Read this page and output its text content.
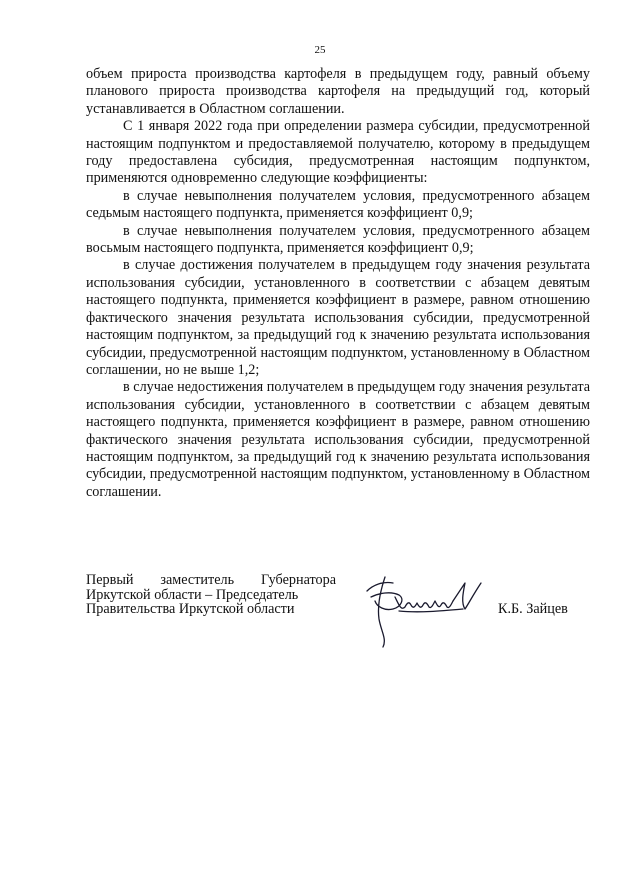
25

объем прироста производства картофеля в предыдущем году, равный объему планового прироста производства картофеля на предыдущий год, который устанавливается в Областном соглашении.

С 1 января 2022 года при определении размера субсидии, предусмотренной настоящим подпунктом и предоставляемой получателю, которому в предыдущем году предоставлена субсидия, предусмотренная настоящим подпунктом, применяются одновременно следующие коэффициенты:

в случае невыполнения получателем условия, предусмотренного абзацем седьмым настоящего подпункта, применяется коэффициент 0,9;

в случае невыполнения получателем условия, предусмотренного абзацем восьмым настоящего подпункта, применяется коэффициент 0,9;

в случае достижения получателем в предыдущем году значения результата использования субсидии, установленного в соответствии с абзацем девятым настоящего подпункта, применяется коэффициент в размере, равном отношению фактического значения результата использования субсидии, предусмотренной настоящим подпунктом, за предыдущий год к значению результата использования субсидии, предусмотренной настоящим подпунктом, установленному в Областном соглашении, но не выше 1,2;

в случае недостижения получателем в предыдущем году значения результата использования субсидии, установленного в соответствии с абзацем девятым настоящего подпункта, применяется коэффициент в размере, равном отношению фактического значения результата использования субсидии, предусмотренной настоящим подпунктом, за предыдущий год к значению результата использования субсидии, предусмотренной настоящим подпунктом, установленному в Областном соглашении.

Первый заместитель Губернатора
Иркутской области – Председатель
Правительства Иркутской области	К.Б. Зайцев
